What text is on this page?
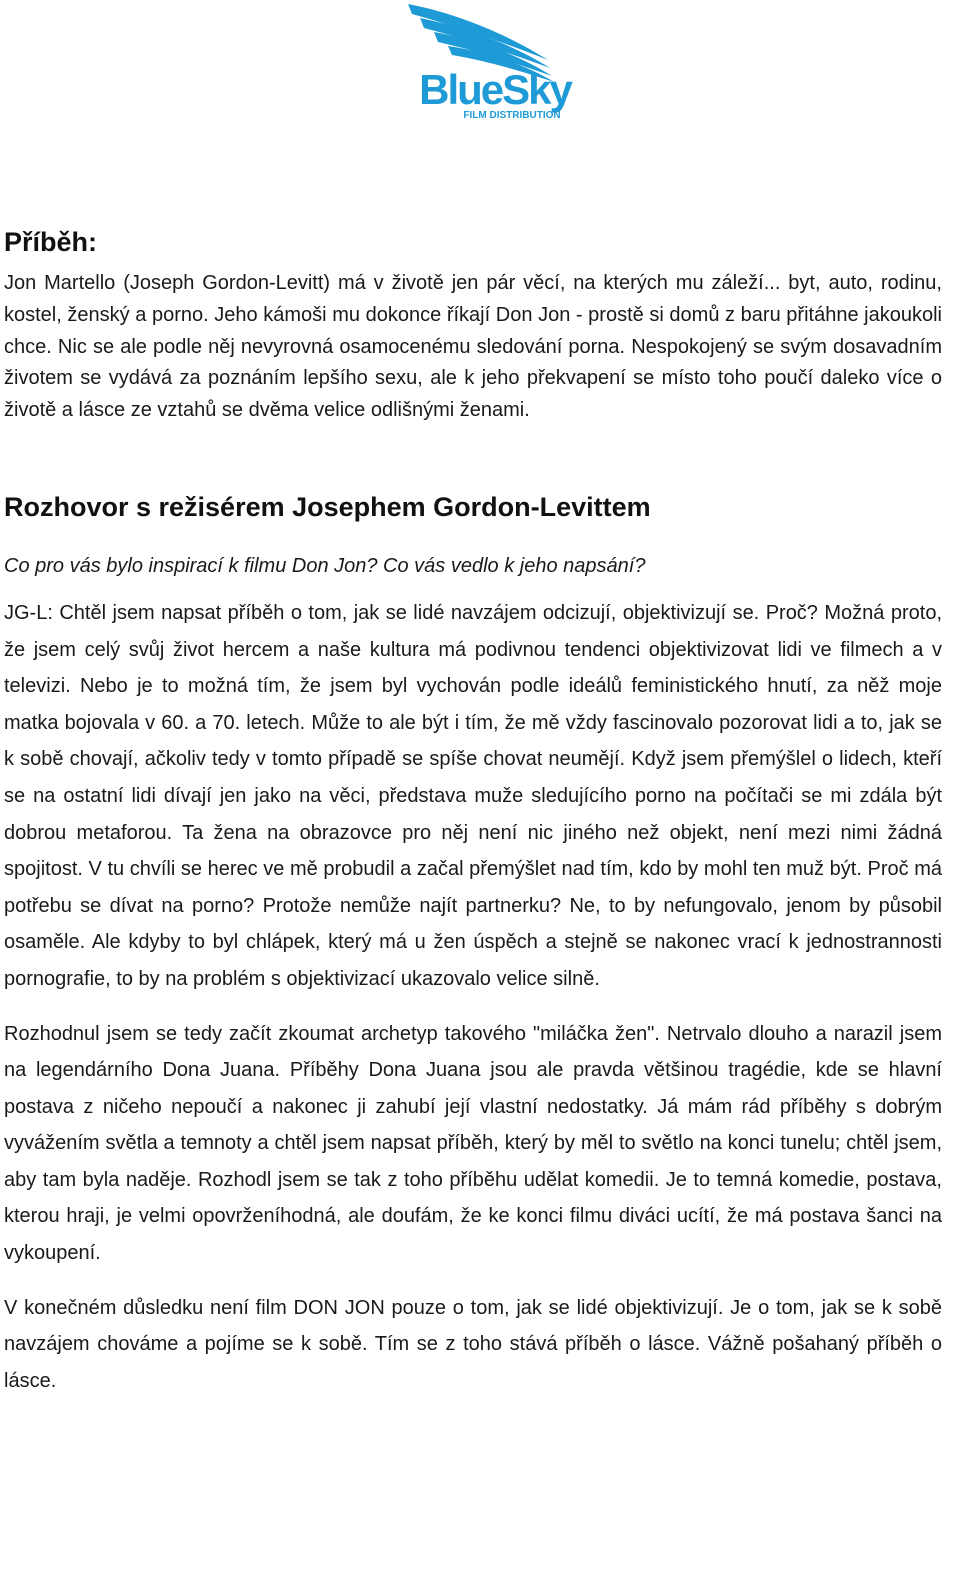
BlueSky
FILM DISTRIBUTION
Příběh:

Jon Martello (Joseph Gordon-Levitt) má v životě jen pár věcí, na kterých mu záleží... byt, auto, rodinu, kostel, ženský a porno. Jeho kámoši mu dokonce říkají Don Jon - prostě si domů z baru přitáhne jakoukoli chce. Nic se ale podle něj nevyrovná osamocenému sledování porna. Nespokojený se svým dosavadním životem se vydává za poznáním lepšího sexu, ale k jeho překvapení se místo toho poučí daleko více o životě a lásce ze vztahů se dvěma velice odlišnými ženami.

Rozhovor s režisérem Josephem Gordon-Levittem

Co pro vás bylo inspirací k filmu Don Jon? Co vás vedlo k jeho napsání?

JG-L: Chtěl jsem napsat příběh o tom, jak se lidé navzájem odcizují, objektivizují se. Proč? Možná proto, že jsem celý svůj život hercem a naše kultura má podivnou tendenci objektivizovat lidi ve filmech a v televizi. Nebo je to možná tím, že jsem byl vychován podle ideálů feministického hnutí, za něž moje matka bojovala v 60. a 70. letech. Může to ale být i tím, že mě vždy fascinovalo pozorovat lidi a to, jak se k sobě chovají, ačkoliv tedy v tomto případě se spíše chovat neumějí. Když jsem přemýšlel o lidech, kteří se na ostatní lidi dívají jen jako na věci, představa muže sledujícího porno na počítači se mi zdála být dobrou metaforou. Ta žena na obrazovce pro něj není nic jiného než objekt, není mezi nimi žádná spojitost. V tu chvíli se herec ve mě probudil a začal přemýšlet nad tím, kdo by mohl ten muž být. Proč má potřebu se dívat na porno? Protože nemůže najít partnerku? Ne, to by nefungovalo, jenom by působil osaměle. Ale kdyby to byl chlápek, který má u žen úspěch a stejně se nakonec vrací k jednostrannosti pornografie, to by na problém s objektivizací ukazovalo velice silně.

Rozhodnul jsem se tedy začít zkoumat archetyp takového "miláčka žen". Netrvalo dlouho a narazil jsem na legendárního Dona Juana. Příběhy Dona Juana jsou ale pravda většinou tragédie, kde se hlavní postava z ničeho nepoučí a nakonec ji zahubí její vlastní nedostatky. Já mám rád příběhy s dobrým vyvážením světla a temnoty a chtěl jsem napsat příběh, který by měl to světlo na konci tunelu; chtěl jsem, aby tam byla naděje. Rozhodl jsem se tak z toho příběhu udělat komedii. Je to temná komedie, postava, kterou hraji, je velmi opovrženíhodná, ale doufám, že ke konci filmu diváci ucítí, že má postava šanci na vykoupení.

V konečném důsledku není film DON JON pouze o tom, jak se lidé objektivizují. Je o tom, jak se k sobě navzájem chováme a pojíme se k sobě. Tím se z toho stává příběh o lásce. Vážně pošahaný příběh o lásce.
